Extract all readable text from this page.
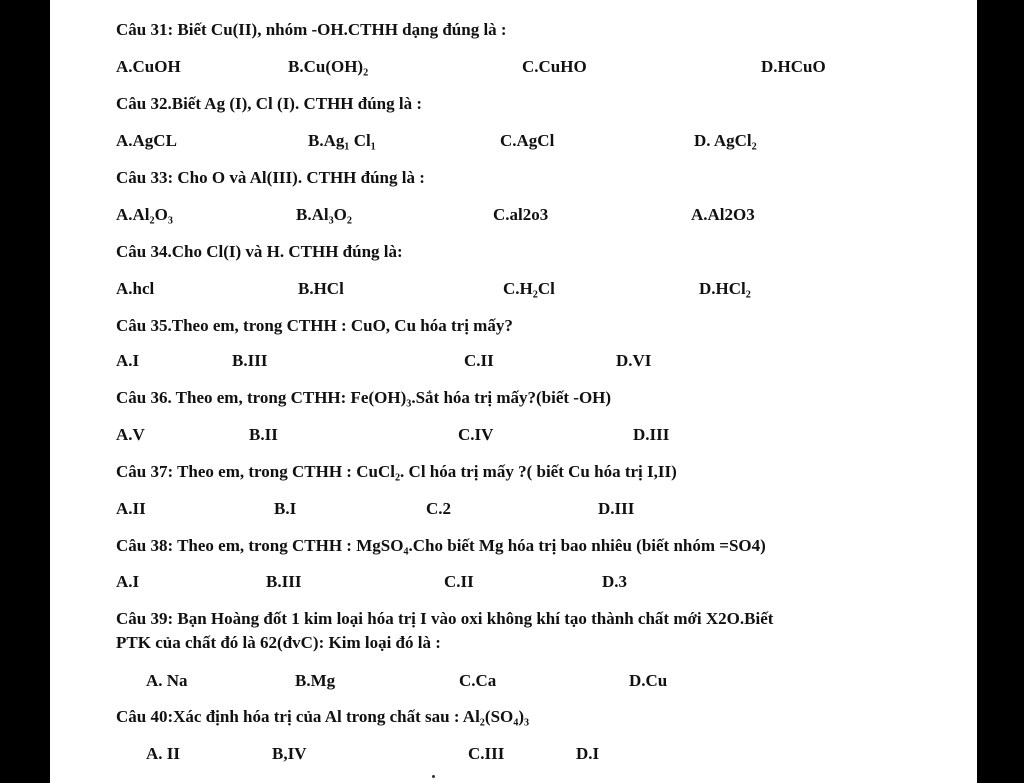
Câu 31: Biết Cu(II), nhóm -OH.CTHH dạng đúng là :
A.CuOH	B.Cu(OH)₂	C.CuHO	D.HCuO
Câu 32.Biết Ag (I), Cl (I). CTHH đúng là :
A.AgCL	B.Ag₁ Cl₁	C.AgCl	D. AgCl₂
Câu 33: Cho O và Al(III). CTHH đúng là :
A.Al₂O₃	B.Al₃O₂	C.al2o3	A.Al2O3
Câu 34.Cho Cl(I) và H. CTHH đúng là:
A.hcl	B.HCl	C.H₂Cl	D.HCl₂
Câu 35.Theo em, trong CTHH : CuO, Cu hóa trị mấy?
A.I	B.III	C.II	D.VI
Câu 36. Theo em, trong CTHH: Fe(OH)₃.Sắt hóa trị mấy?(biết -OH)
A.V	B.II	C.IV	D.III
Câu 37: Theo em, trong CTHH : CuCl₂. Cl hóa trị mấy ?( biết Cu hóa trị I,II)
A.II	B.I	C.2	D.III
Câu 38: Theo em, trong CTHH : MgSO₄.Cho biết Mg hóa trị bao nhiêu (biết nhóm =SO4)
A.I	B.III	C.II	D.3
Câu 39: Bạn Hoàng đốt 1 kim loại hóa trị I vào oxi không khí tạo thành chất mới X2O.Biết
PTK của chất đó là 62(đvC): Kim loại đó là :
A. Na	B.Mg	C.Ca	D.Cu
Câu 40:Xác định hóa trị của Al trong chất sau : Al₂(SO₄)₃
A. II	B,IV	C.III	D.I
